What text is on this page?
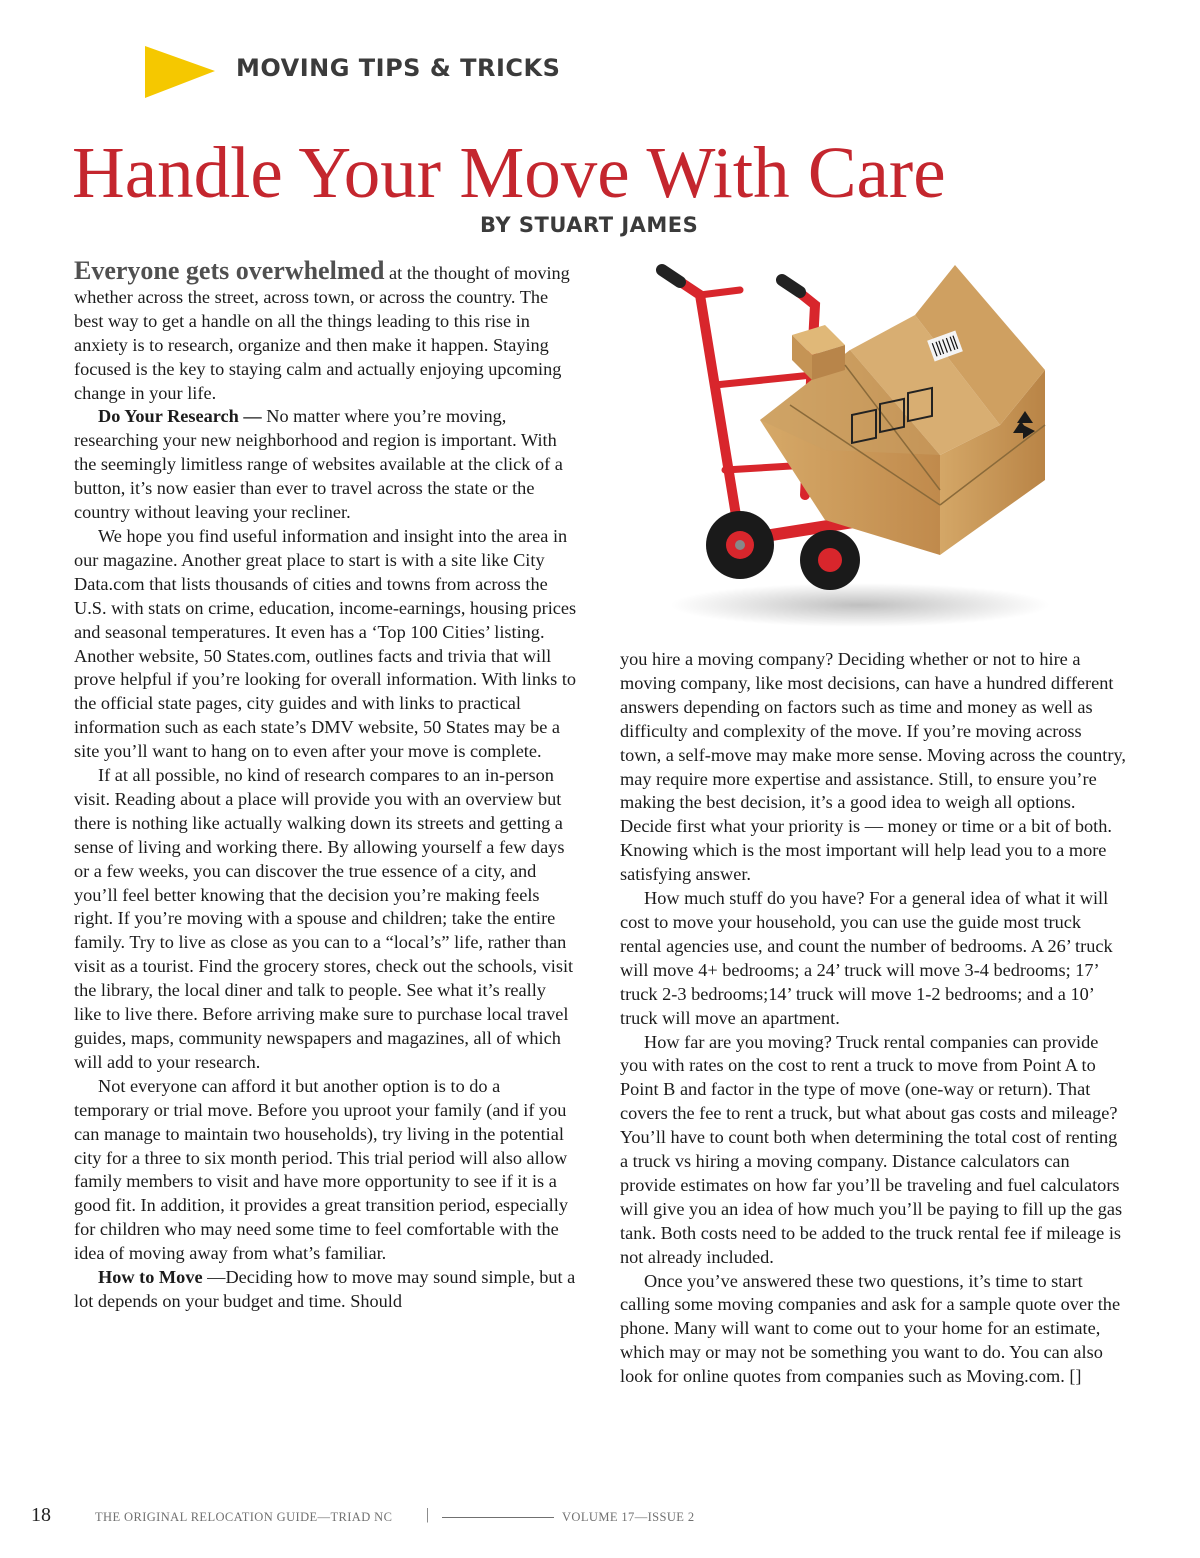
MOVING TIPS & TRICKS
Handle Your Move With Care
BY STUART JAMES

Everyone gets overwhelmed at the thought of moving whether across the street, across town, or across the country. The best way to get a handle on all the things leading to this rise in anxiety is to research, organize and then make it happen. Staying focused is the key to staying calm and actually enjoying upcoming change in your life.

Do Your Research — No matter where you’re moving, researching your new neighborhood and region is important. With the seemingly limitless range of websites available at the click of a button, it’s now easier than ever to travel across the state or the country without leaving your recliner.

We hope you find useful information and insight into the area in our magazine. Another great place to start is with a site like City Data.com that lists thousands of cities and towns from across the U.S. with stats on crime, education, income-earnings, housing prices and seasonal temperatures. It even has a ‘Top 100 Cities’ listing. Another website, 50 States.com, outlines facts and trivia that will prove helpful if you’re looking for overall information. With links to the official state pages, city guides and with links to practical information such as each state’s DMV website, 50 States may be a site you’ll want to hang on to even after your move is complete.

If at all possible, no kind of research compares to an in-person visit. Reading about a place will provide you with an overview but there is nothing like actually walking down its streets and getting a sense of living and working there. By allowing yourself a few days or a few weeks, you can discover the true essence of a city, and you’ll feel better knowing that the decision you’re making feels right. If you’re moving with a spouse and children; take the entire family. Try to live as close as you can to a “local’s” life, rather than visit as a tourist. Find the grocery stores, check out the schools, visit the library, the local diner and talk to people. See what it’s really like to live there. Before arriving make sure to purchase local travel guides, maps, community newspapers and magazines, all of which will add to your research.

Not everyone can afford it but another option is to do a temporary or trial move. Before you uproot your family (and if you can manage to maintain two households), try living in the potential city for a three to six month period. This trial period will also allow family members to visit and have more opportunity to see if it is a good fit. In addition, it provides a great transition period, especially for children who may need some time to feel comfortable with the idea of moving away from what’s familiar.

How to Move —Deciding how to move may sound simple, but a lot depends on your budget and time. Should

you hire a moving company? Deciding whether or not to hire a moving company, like most decisions, can have a hundred different answers depending on factors such as time and money as well as difficulty and complexity of the move. If you’re moving across town, a self-move may make more sense. Moving across the country, may require more expertise and assistance. Still, to ensure you’re making the best decision, it’s a good idea to weigh all options. Decide first what your priority is — money or time or a bit of both. Knowing which is the most important will help lead you to a more satisfying answer.

How much stuff do you have? For a general idea of what it will cost to move your household, you can use the guide most truck rental agencies use, and count the number of bedrooms. A 26’ truck will move 4+ bedrooms; a 24’ truck will move 3-4 bedrooms; 17’ truck 2-3 bedrooms;14’ truck will move 1-2 bedrooms; and a 10’ truck will move an apartment.

How far are you moving? Truck rental companies can provide you with rates on the cost to rent a truck to move from Point A to Point B and factor in the type of move (one-way or return). That covers the fee to rent a truck, but what about gas costs and mileage? You’ll have to count both when determining the total cost of renting a truck vs hiring a moving company. Distance calculators can provide estimates on how far you’ll be traveling and fuel calculators will give you an idea of how much you’ll be paying to fill up the gas tank. Both costs need to be added to the truck rental fee if mileage is not already included.

Once you’ve answered these two questions, it’s time to start calling some moving companies and ask for a sample quote over the phone. Many will want to come out to your home for an estimate, which may or may not be something you want to do. You can also look for online quotes from companies such as Moving.com. []

18	THE ORIGINAL RELOCATION GUIDE—TRIAD NC |	VOLUME 17—ISSUE 2
